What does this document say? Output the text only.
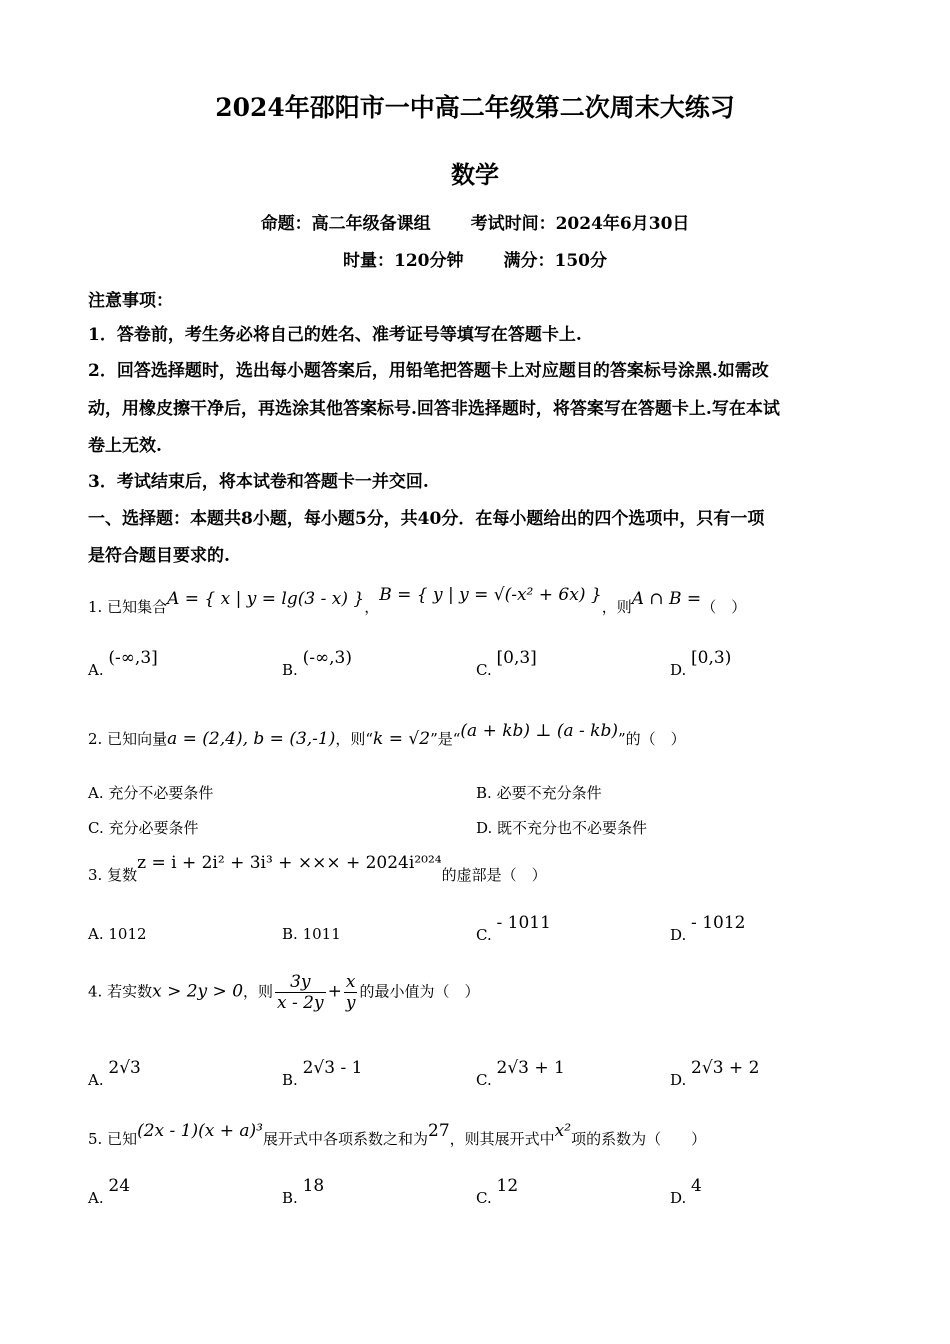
2024年邵阳市一中高二年级第二次周末大练习
数学
命题：高二年级备课组 考试时间：2024年6月30日
时量：120分钟 满分：150分
注意事项：
1．答卷前，考生务必将自己的姓名、准考证号等填写在答题卡上.
2．回答选择题时，选出每小题答案后，用铅笔把答题卡上对应题目的答案标号涂黑.如需改
动，用橡皮擦干净后，再选涂其他答案标号.回答非选择题时，将答案写在答题卡上.写在本试
卷上无效.
3．考试结束后，将本试卷和答题卡一并交回.
一、选择题：本题共8小题，每小题5分，共40分．在每小题给出的四个选项中，只有一项
是符合题目要求的.
1. 已知集合A = { x | y = lg(3 - x) }，B = { y | y = √(-x² + 6x) }，则A ∩ B =（　）
A. (-∞,3]
B. (-∞,3)
C. [0,3]
D. [0,3)
2. 已知向量a = (2,4), b = (3,-1)，则“k = √2”是“(a + kb) ⊥ (a - kb)”的（　）
A. 充分不必要条件	B. 必要不充分条件
C. 充分必要条件	D. 既不充分也不必要条件
3. 复数z = i + 2i² + 3i³ + ××× + 2024i²⁰²⁴的虚部是（　）
A. 1012	B. 1011	C. - 1011
D. - 1012
4. 若实数x > 2y > 0，则 $\frac{3y}{x - 2y} + \frac{x}{y}$ 的最小值为（　）
A. 2√3
B. 2√3 - 1
C. 2√3 + 1
D. 2√3 + 2
5. 已知(2x - 1)(x + a)³展开式中各项系数之和为27，则其展开式中x²项的系数为（　　）
A. 24
B. 18
C. 12
D. 4
